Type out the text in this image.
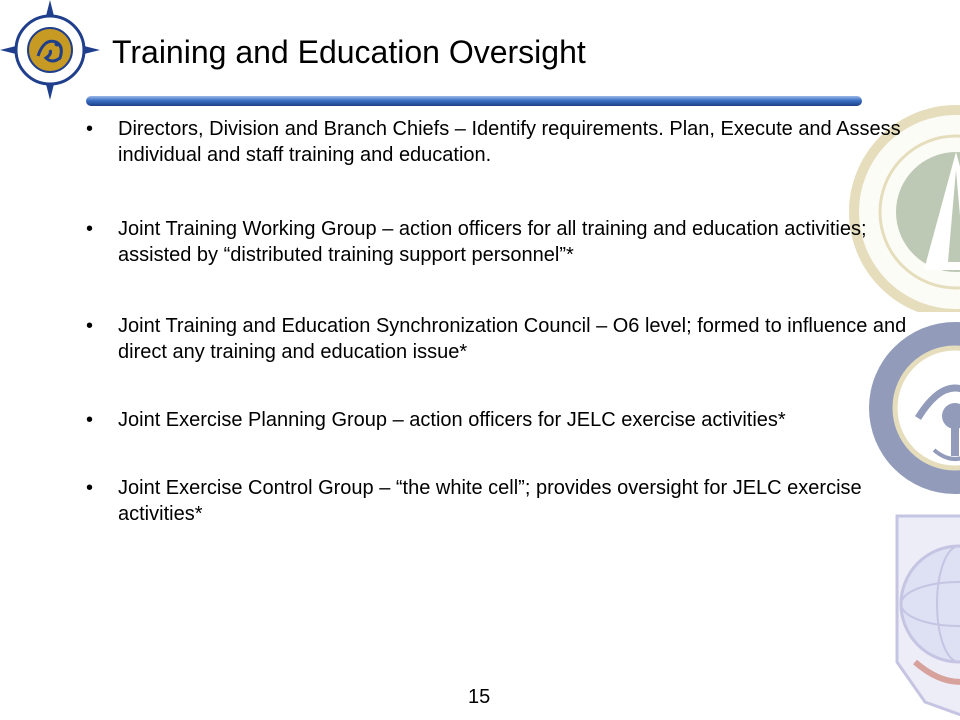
Training and Education Oversight
• Directors, Division and Branch Chiefs – Identify requirements. Plan, Execute and Assess individual and staff training and education.
• Joint Training Working Group – action officers for all training and education activities; assisted by “distributed training support personnel”*
• Joint Training and Education Synchronization Council – O6 level; formed to influence and direct any training and education issue*
• Joint Exercise Planning Group – action officers for JELC exercise activities*
• Joint Exercise Control Group – “the white cell”; provides oversight for JELC exercise activities*
15
